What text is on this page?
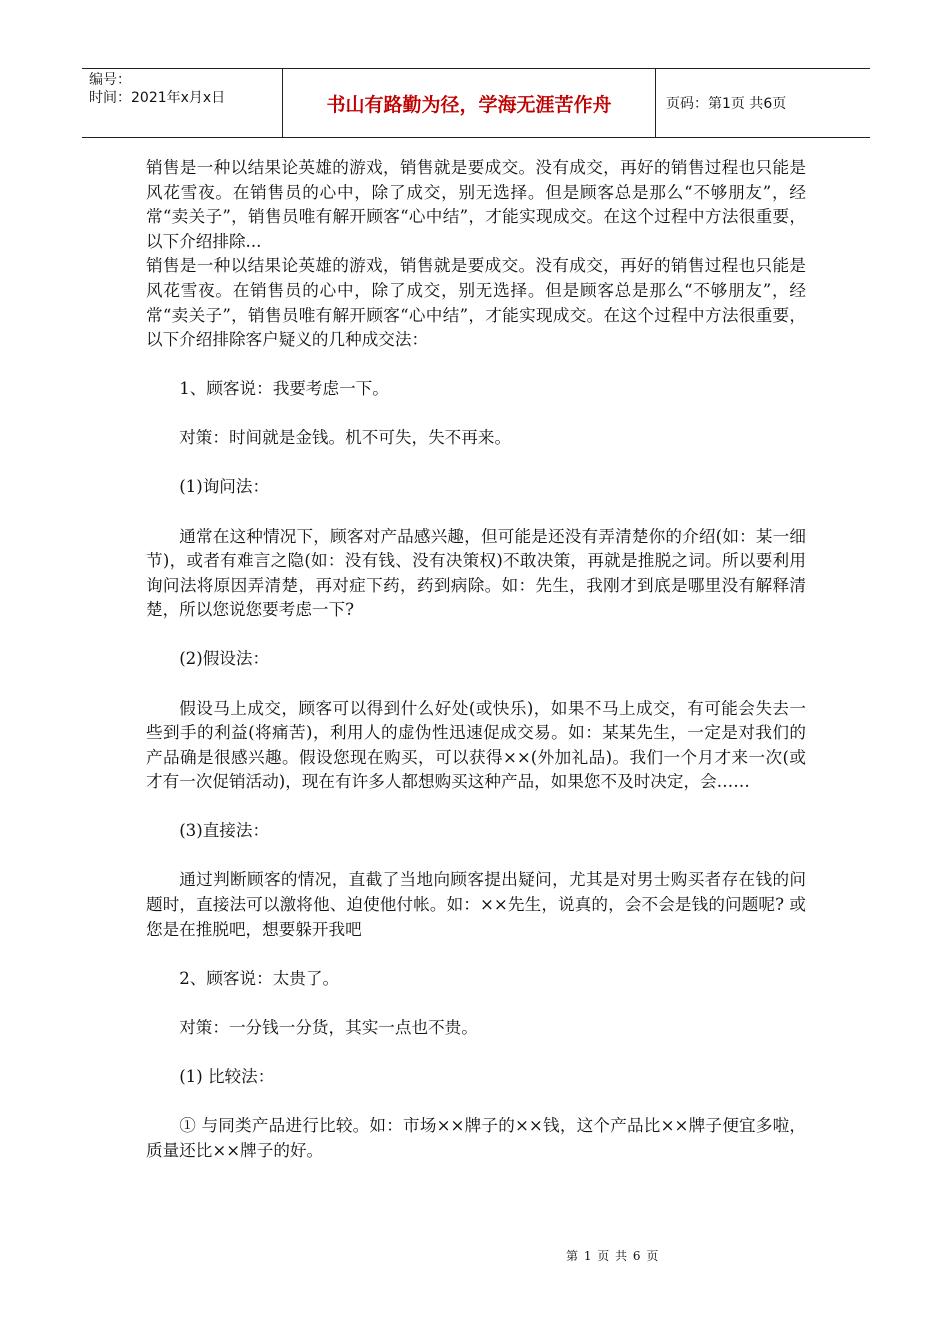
编号：
时间：2021年x月x日	书山有路勤为径，学海无涯苦作舟	页码：第1页 共6页

销售是一种以结果论英雄的游戏，销售就是要成交。没有成交，再好的销售过程也只能是风花雪夜。在销售员的心中，除了成交，别无选择。但是顾客总是那么“不够朋友”，经常“卖关子”，销售员唯有解开顾客“心中结”，才能实现成交。在这个过程中方法很重要，以下介绍排除...

销售是一种以结果论英雄的游戏，销售就是要成交。没有成交，再好的销售过程也只能是风花雪夜。在销售员的心中，除了成交，别无选择。但是顾客总是那么“不够朋友”，经常“卖关子”，销售员唯有解开顾客“心中结”，才能实现成交。在这个过程中方法很重要，以下介绍排除客户疑义的几种成交法：

1、顾客说：我要考虑一下。

对策：时间就是金钱。机不可失，失不再来。

(1)询问法：

通常在这种情况下，顾客对产品感兴趣，但可能是还没有弄清楚你的介绍(如：某一细节)，或者有难言之隐(如：没有钱、没有决策权)不敢决策，再就是推脱之词。所以要利用询问法将原因弄清楚，再对症下药，药到病除。如：先生，我刚才到底是哪里没有解释清楚，所以您说您要考虑一下?

(2)假设法：

假设马上成交，顾客可以得到什么好处(或快乐)，如果不马上成交，有可能会失去一些到手的利益(将痛苦)，利用人的虚伪性迅速促成交易。如：某某先生，一定是对我们的产品确是很感兴趣。假设您现在购买，可以获得××(外加礼品)。我们一个月才来一次(或才有一次促销活动)，现在有许多人都想购买这种产品，如果您不及时决定，会……

(3)直接法：

通过判断顾客的情况，直截了当地向顾客提出疑问，尤其是对男士购买者存在钱的问题时，直接法可以激将他、迫使他付帐。如：××先生，说真的，会不会是钱的问题呢? 或您是在推脱吧，想要躲开我吧

2、顾客说：太贵了。

对策：一分钱一分货，其实一点也不贵。

(1) 比较法：

① 与同类产品进行比较。如：市场××牌子的××钱，这个产品比××牌子便宜多啦，质量还比××牌子的好。

第 1 页 共 6 页
